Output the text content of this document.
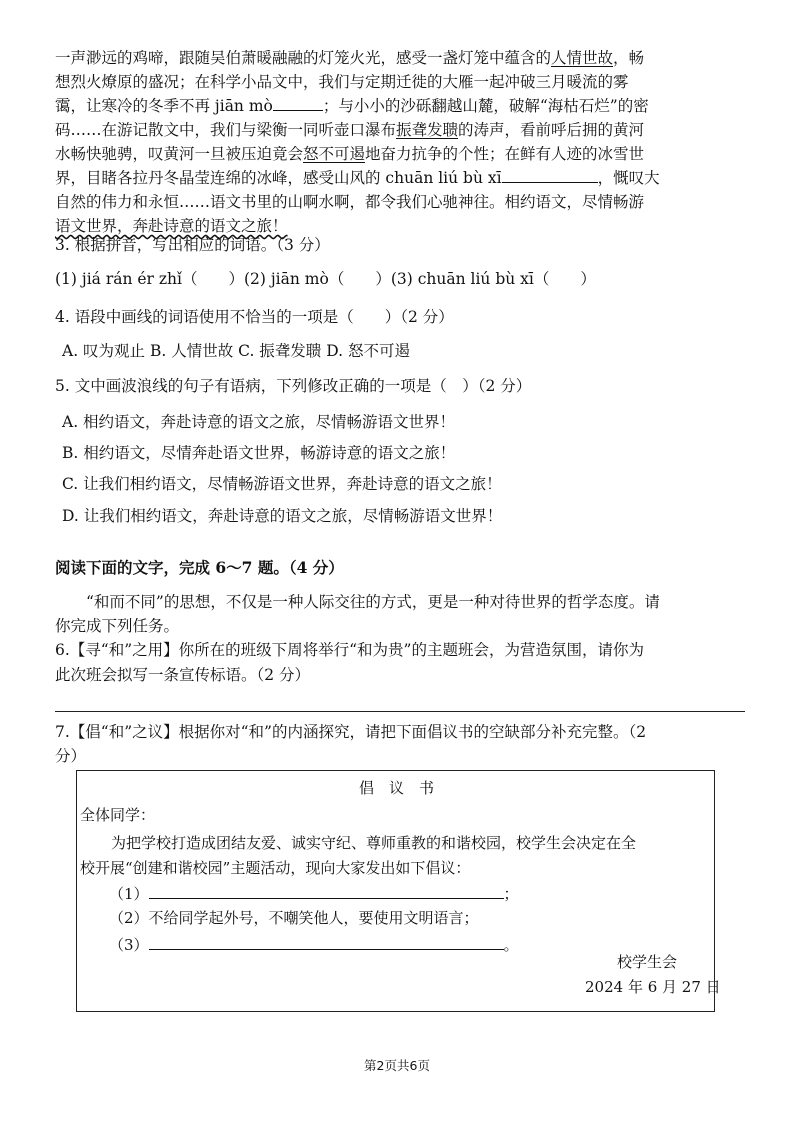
一声渺远的鸡啼，跟随吴伯萧暖融融的灯笼火光，感受一盏灯笼中蕴含的人情世故，畅
想烈火燎原的盛况；在科学小品文中，我们与定期迁徙的大雁一起冲破三月暖流的雾
霭，让寒冷的冬季不再 jiān mò	；与小小的沙砾翻越山麓，破解“海枯石烂”的密
码……在游记散文中，我们与梁衡一同听壶口瀑布振聋发聩的涛声，看前呼后拥的黄河
水畅快驰骋，叹黄河一旦被压迫竟会怒不可遏地奋力抗争的个性；在鲜有人迹的冰雪世
界，目睹各拉丹冬晶莹连绵的冰峰，感受山风的 chuān liú bù xī	，慨叹大
自然的伟力和永恒……语文书里的山啊水啊，都令我们心驰神往。相约语文，尽情畅游
语文世界，奔赴诗意的语文之旅！
3. 根据拼音，写出相应的词语。（3 分）
(1) jiá rán ér zhǐ（　　）(2) jiān mò（　　）(3) chuān liú bù xī（　　）
4. 语段中画线的词语使用不恰当的一项是（　　）（2 分）
A. 叹为观止 B. 人情世故 C. 振聋发聩 D. 怒不可遏
5. 文中画波浪线的句子有语病，下列修改正确的一项是（　）（2 分）
A. 相约语文，奔赴诗意的语文之旅，尽情畅游语文世界！
B. 相约语文，尽情奔赴语文世界，畅游诗意的语文之旅！
C. 让我们相约语文，尽情畅游语文世界，奔赴诗意的语文之旅！
D. 让我们相约语文，奔赴诗意的语文之旅，尽情畅游语文世界！
阅读下面的文字，完成 6～7 题。（4 分）
“和而不同”的思想，不仅是一种人际交往的方式，更是一种对待世界的哲学态度。请
你完成下列任务。
6.【寻“和”之用】你所在的班级下周将举行“和为贵”的主题班会，为营造氛围，请你为
此次班会拟写一条宣传标语。（2 分）
7.【倡“和”之议】根据你对“和”的内涵探究，请把下面倡议书的空缺部分补充完整。（2
分）
倡　议　书
全体同学：
为把学校打造成团结友爱、诚实守纪、尊师重教的和谐校园，校学生会决定在全
校开展“创建和谐校园”主题活动，现向大家发出如下倡议：
（1）	；
（2）不给同学起外号，不嘲笑他人，要使用文明语言；
（3）	。
校学生会
2024 年 6 月 27 日
第2页共6页
